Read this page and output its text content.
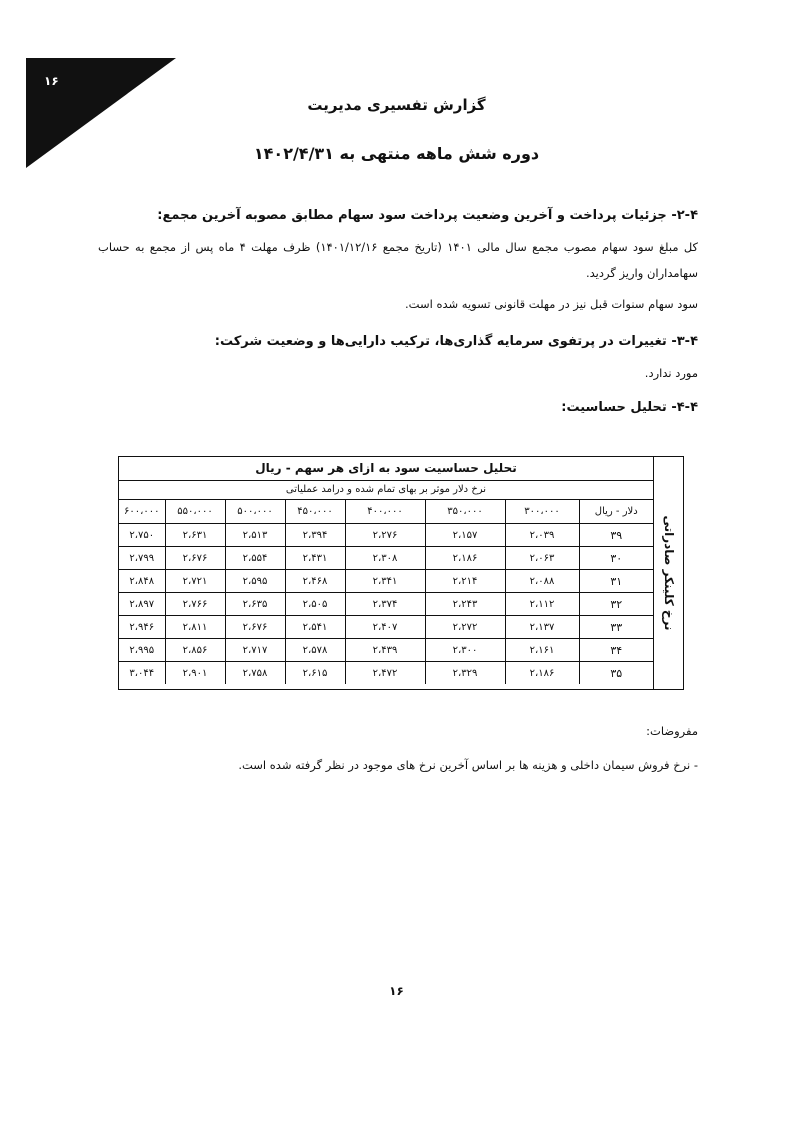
۱۶
گزارش تفسیری مدیریت
دوره شش ماهه منتهی به ۱۴۰۲/۴/۳۱
۲-۴- جزئیات پرداخت و آخرین وضعیت پرداخت سود سهام مطابق مصوبه آخرین مجمع:
کل مبلغ سود سهام مصوب مجمع سال مالی ۱۴۰۱ (تاریخ مجمع ۱۴۰۱/۱۲/۱۶) ظرف مهلت ۴ ماه پس از مجمع به حساب سهامداران واریز گردید.
سود سهام سنوات قبل نیز در مهلت قانونی تسویه شده است.
۳-۴- تغییرات در پرتفوی سرمایه گذاری‌ها، ترکیب دارایی‌ها و وضعیت شرکت:
مورد ندارد.
۴-۴- تحلیل حساسیت:
نرخ کلینکر صادراتی
تحلیل حساسیت سود به ازای هر سهم - ریال
نرخ دلار موثر بر بهای تمام شده و درامد عملیاتی
دلار - ریال	۳۰۰،۰۰۰	۳۵۰،۰۰۰	۴۰۰،۰۰۰	۴۵۰،۰۰۰	۵۰۰،۰۰۰	۵۵۰،۰۰۰	۶۰۰،۰۰۰
۳۹	۲،۰۳۹	۲،۱۵۷	۲،۲۷۶	۲،۳۹۴	۲،۵۱۳	۲،۶۳۱	۲،۷۵۰
۳۰	۲،۰۶۳	۲،۱۸۶	۲،۳۰۸	۲،۴۳۱	۲،۵۵۴	۲،۶۷۶	۲،۷۹۹
۳۱	۲،۰۸۸	۲،۲۱۴	۲،۳۴۱	۲،۴۶۸	۲،۵۹۵	۲،۷۲۱	۲،۸۴۸
۳۲	۲،۱۱۲	۲،۲۴۳	۲،۳۷۴	۲،۵۰۵	۲،۶۳۵	۲،۷۶۶	۲،۸۹۷
۳۳	۲،۱۳۷	۲،۲۷۲	۲،۴۰۷	۲،۵۴۱	۲،۶۷۶	۲،۸۱۱	۲،۹۴۶
۳۴	۲،۱۶۱	۲،۳۰۰	۲،۴۳۹	۲،۵۷۸	۲،۷۱۷	۲،۸۵۶	۲،۹۹۵
۳۵	۲،۱۸۶	۲،۳۲۹	۲،۴۷۲	۲،۶۱۵	۲،۷۵۸	۲،۹۰۱	۳،۰۴۴
مفروضات:
- نرخ فروش سیمان داخلی و هزینه ها بر اساس آخرین نرخ های موجود در نظر گرفته شده است.
۱۶
